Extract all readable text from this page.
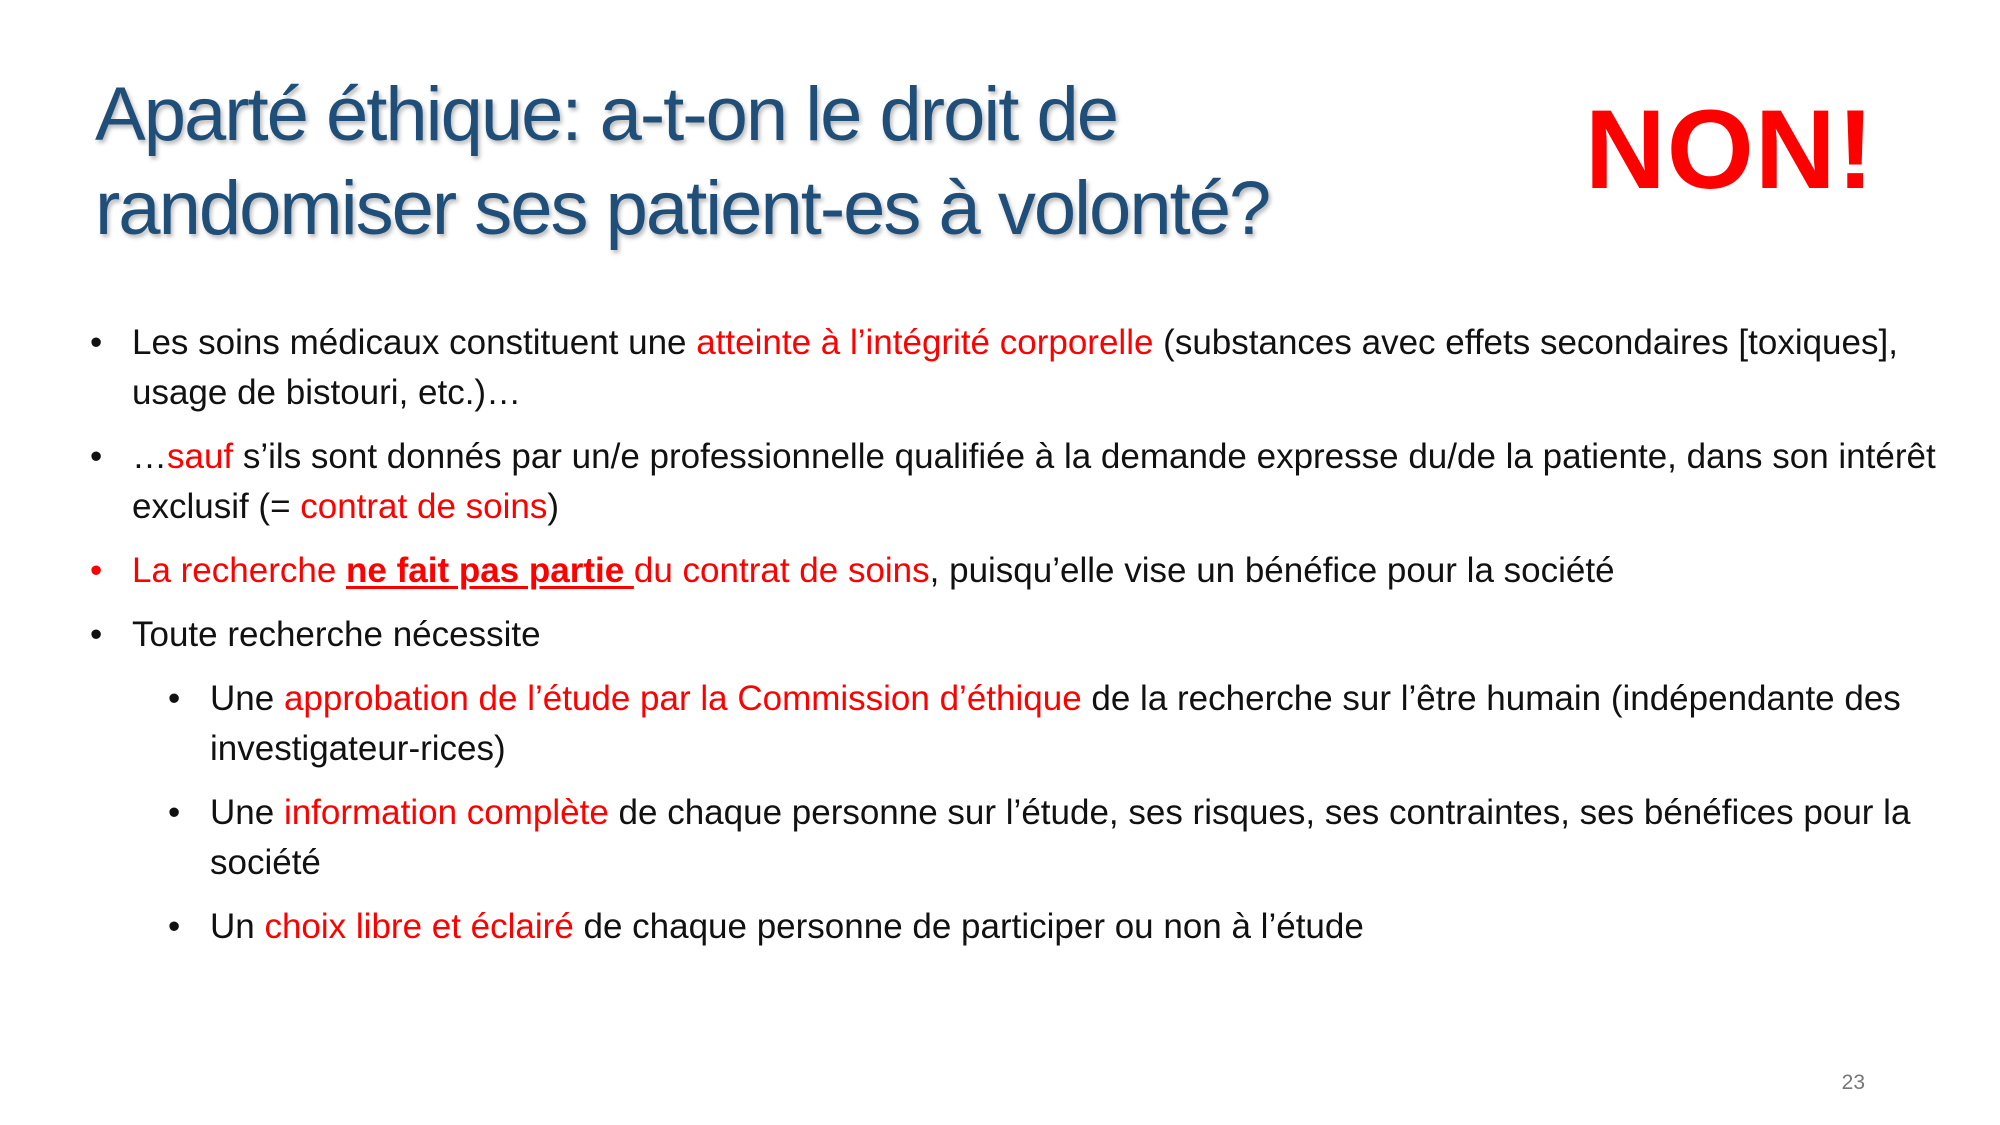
Aparté éthique: a-t-on le droit de
randomiser ses patient-es à volonté?	NON!
• Les soins médicaux constituent une atteinte à l’intégrité corporelle (substances avec effets secondaires [toxiques], usage de bistouri, etc.)…
• …sauf s’ils sont donnés par un/e professionnelle qualifiée à la demande expresse du/de la patiente, dans son intérêt exclusif (= contrat de soins)
• La recherche ne fait pas partie du contrat de soins, puisqu’elle vise un bénéfice pour la société
• Toute recherche nécessite
• Une approbation de l’étude par la Commission d’éthique de la recherche sur l’être humain (indépendante des investigateur-rices)
• Une information complète de chaque personne sur l’étude, ses risques, ses contraintes, ses bénéfices pour la société
• Un choix libre et éclairé de chaque personne de participer ou non à l’étude
23
